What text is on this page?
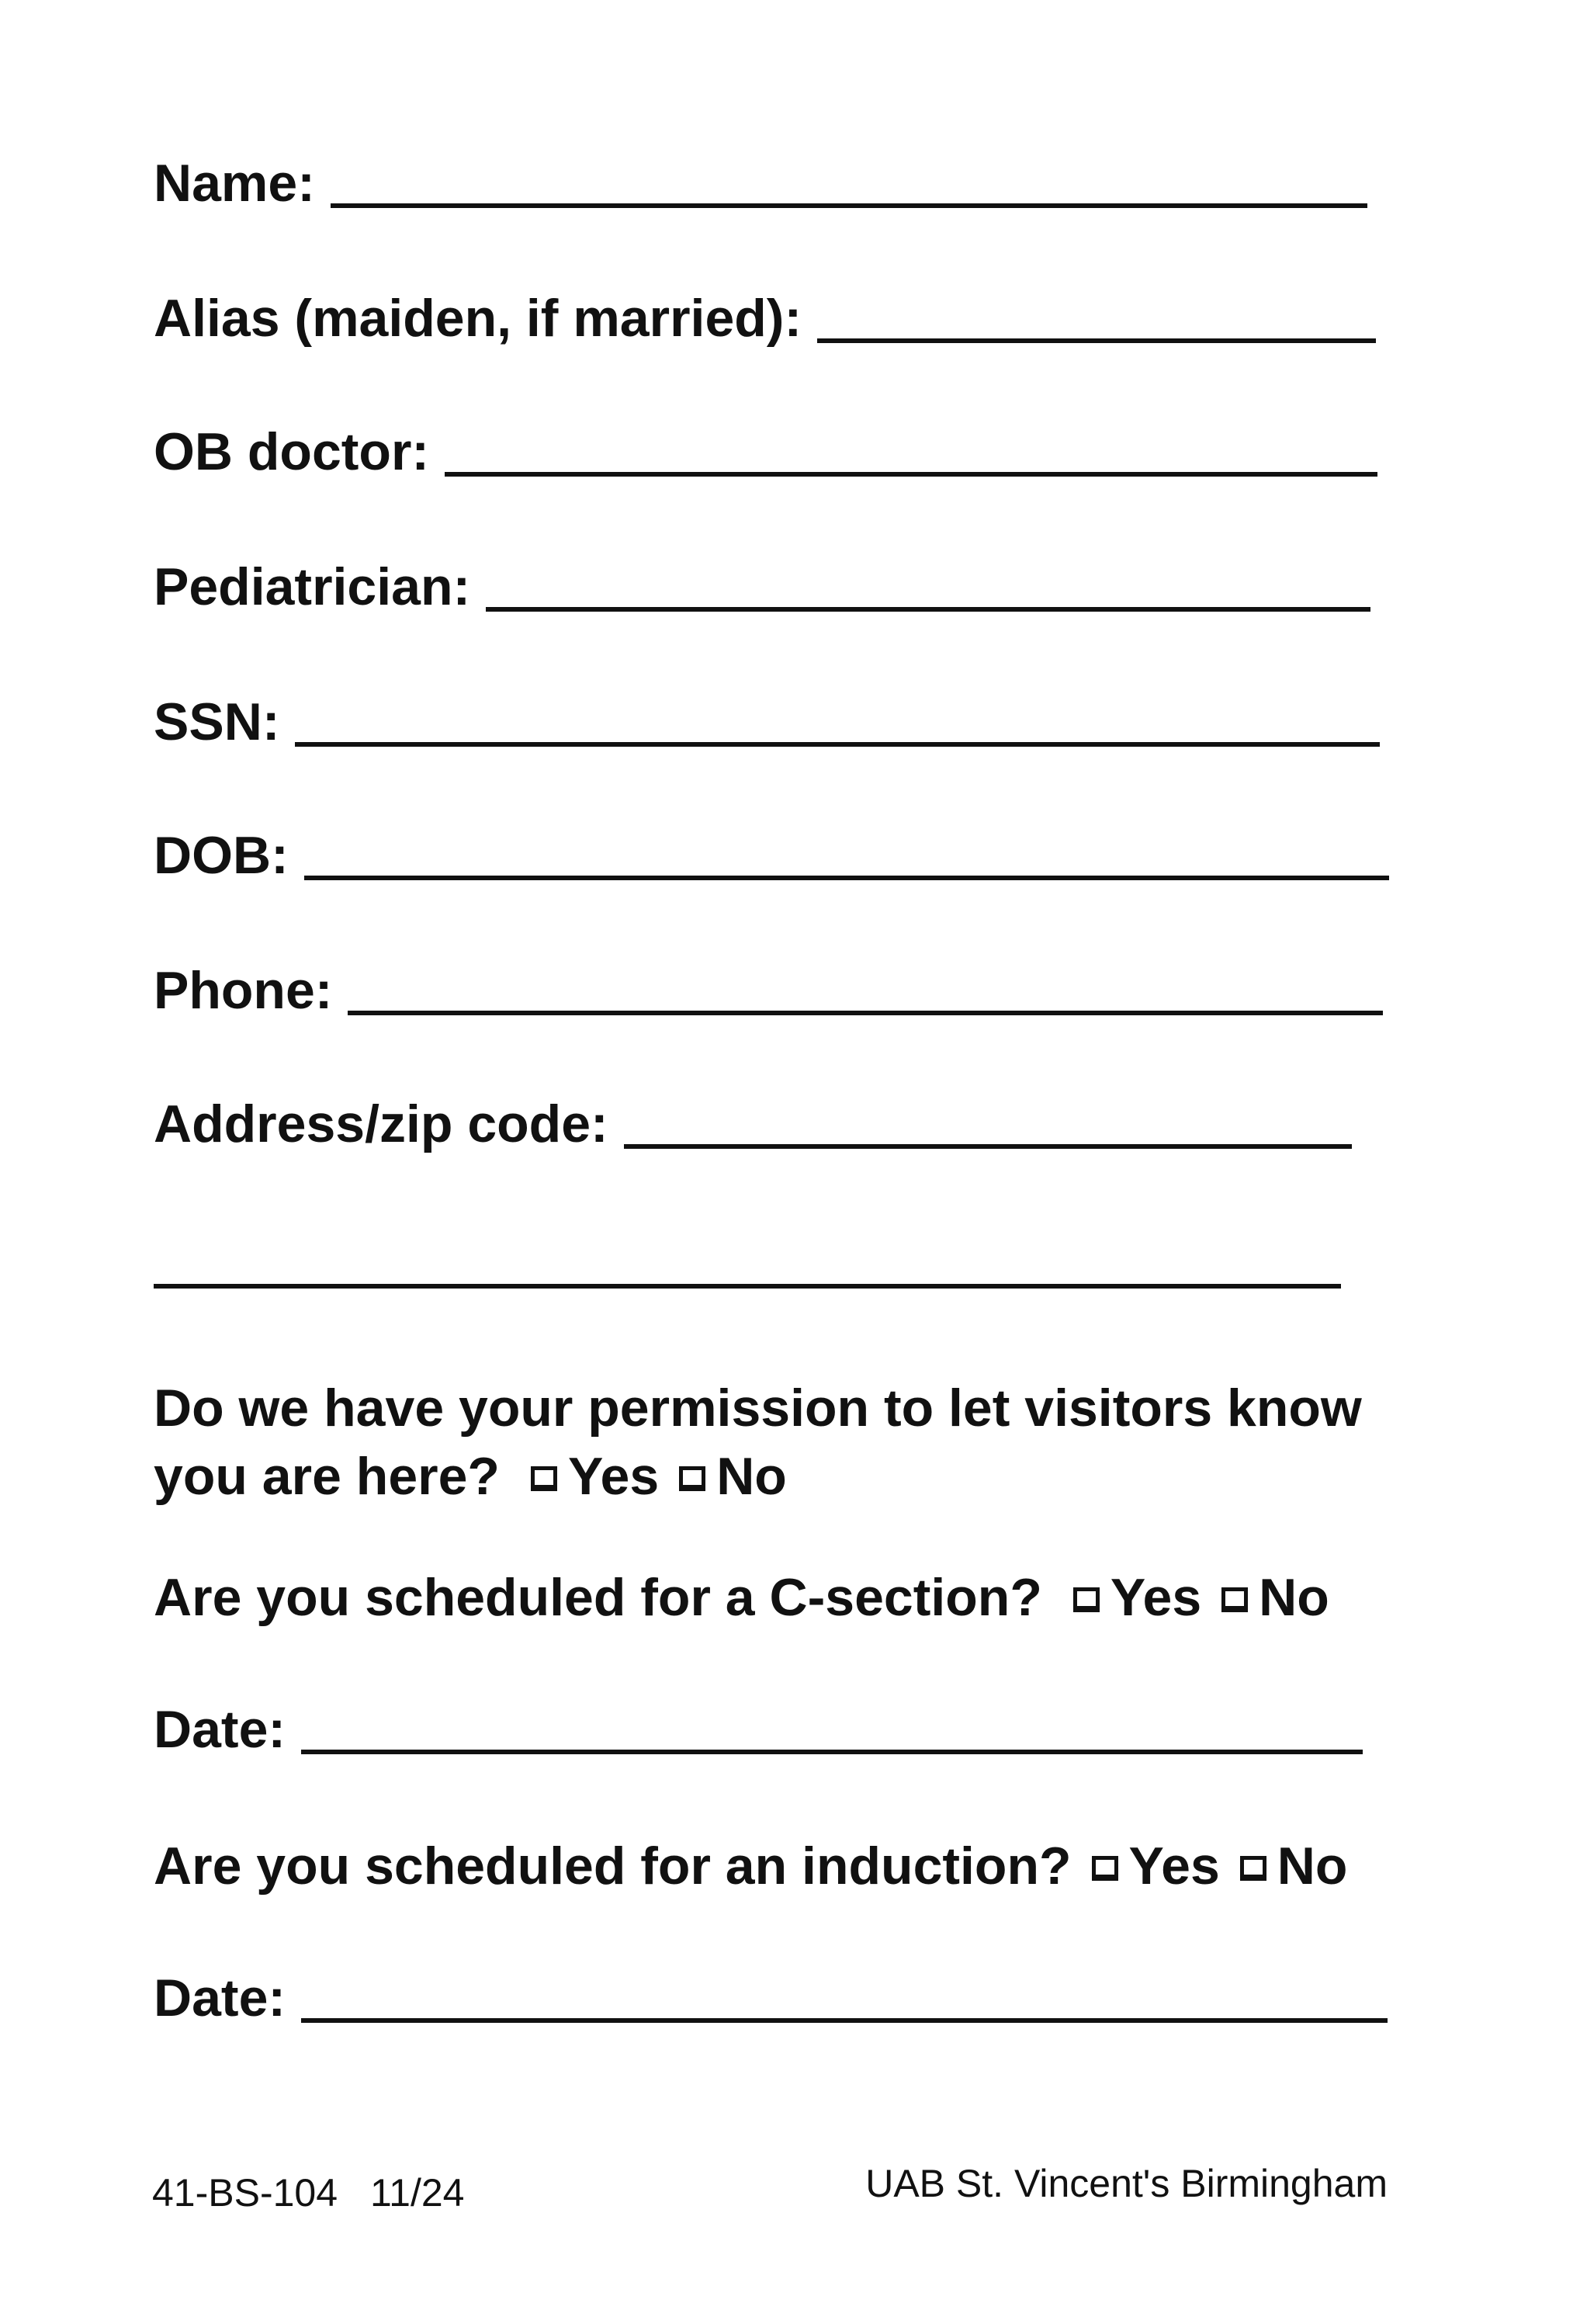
Name:
Alias (maiden, if married):
OB doctor:
Pediatrician:
SSN:
DOB:
Phone:
Address/zip code:
Do we have your permission to let visitors know
you are here? Yes No
Are you scheduled for a C-section? Yes No
Date:
Are you scheduled for an induction? Yes No
Date:
41-BS-104 11/24	UAB St. Vincent's Birmingham
